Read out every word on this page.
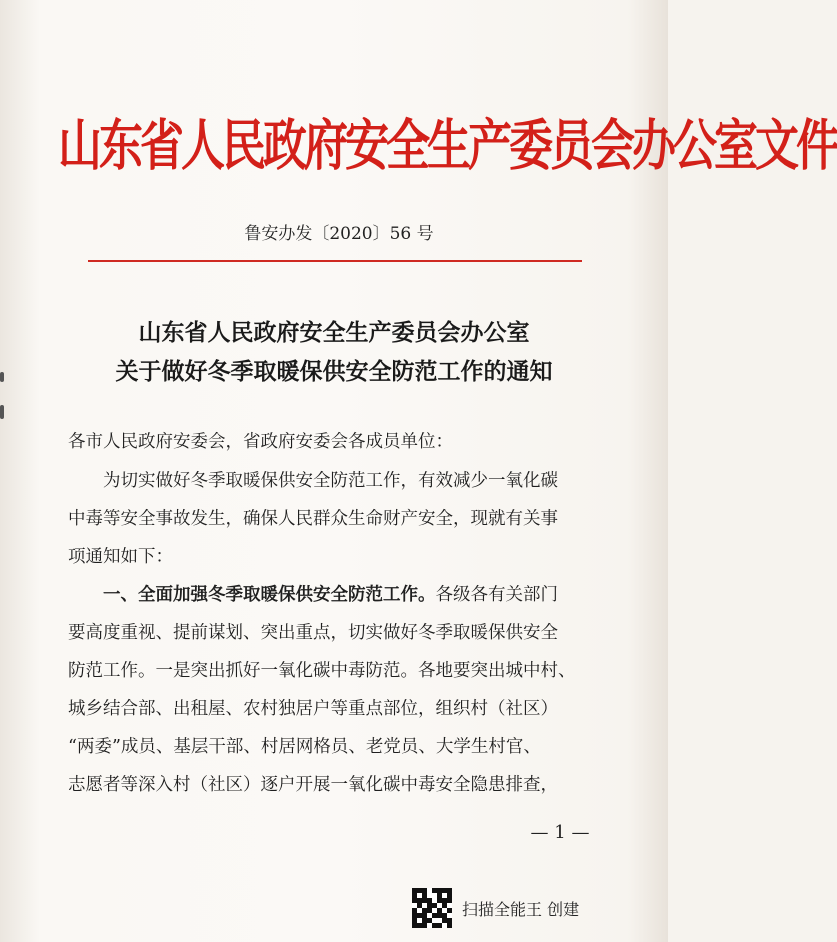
山东省人民政府安全生产委员会办公室文件
鲁安办发〔2020〕56 号
山东省人民政府安全生产委员会办公室
关于做好冬季取暖保供安全防范工作的通知
各市人民政府安委会，省政府安委会各成员单位：
为切实做好冬季取暖保供安全防范工作，有效减少一氧化碳
中毒等安全事故发生，确保人民群众生命财产安全，现就有关事
项通知如下：
一、全面加强冬季取暖保供安全防范工作。各级各有关部门
要高度重视、提前谋划、突出重点，切实做好冬季取暖保供安全
防范工作。一是突出抓好一氧化碳中毒防范。各地要突出城中村、
城乡结合部、出租屋、农村独居户等重点部位，组织村（社区）
“两委”成员、基层干部、村居网格员、老党员、大学生村官、
志愿者等深入村（社区）逐户开展一氧化碳中毒安全隐患排查，
— 1 —
扫描全能王 创建
